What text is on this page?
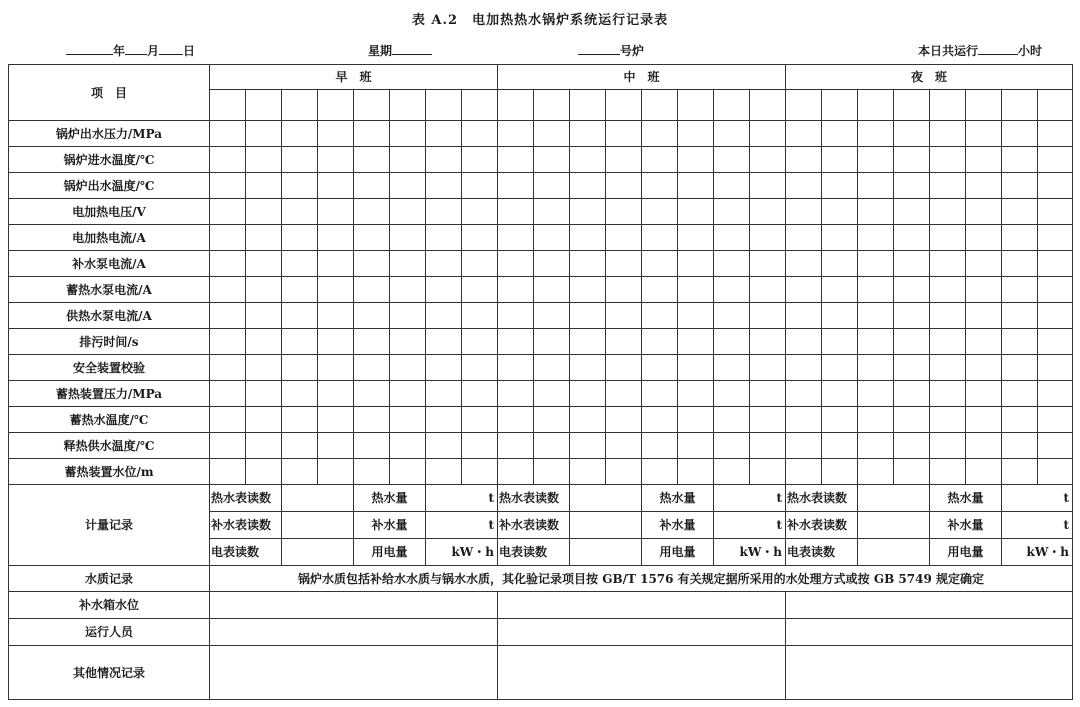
表 A.2　电加热热水锅炉系统运行记录表
年 月 日	星期	号炉	本日共运行	小时
项　目	早　班								中　班								夜　班							

锅炉出水压力/MPa																								
锅炉进水温度/℃																								
锅炉出水温度/℃																								
电加热电压/V																								
电加热电流/A																								
补水泵电流/A																								
蓄热水泵电流/A																								
供热水泵电流/A																								
排污时间/s																								
安全装置校验																								
蓄热装置压力/MPa																								
蓄热水温度/℃																								
释热供水温度/℃																								
蓄热装置水位/m																								
计量记录	热水表读数				热水量		t		热水表读数				热水量		t		热水表读数				热水量		t	
	补水表读数				补水量		t		补水表读数				补水量		t		补水表读数				补水量		t	
	电表读数				用电量		kW・h		电表读数				用电量		kW・h		电表读数				用电量		kW・h	
水质记录	锅炉水质包括补给水水质与锅水水质，其化验记录项目按 GB/T 1576 有关规定据所采用的水处理方式或按 GB 5749 规定确定																							
补水箱水位																								
运行人员																								
其他情况记录																								
